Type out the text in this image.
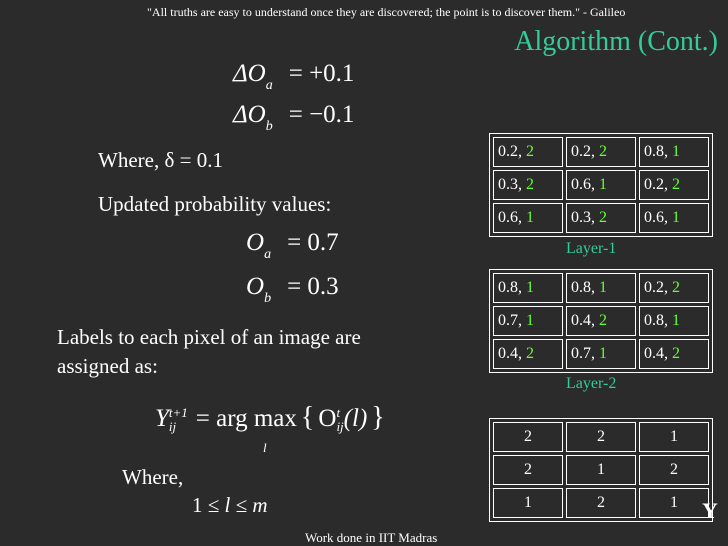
"All truths are easy to understand once they are discovered; the point is to discover them." - Galileo
Algorithm (Cont.)
$\Delta O_a = +0.1$
$\Delta O_b = -0.1$
Where, δ = 0.1
Updated probability values:
$O_a = 0.7$
$O_b = 0.3$
Labels to each pixel of an image are
assigned as:
Y t+1
ij = arg max { O t
ij (l) }
l
Where,
1 ≤ l ≤ m
0.2, 2	0.2, 2	0.8, 1
0.3, 2	0.6, 1	0.2, 2
0.6, 1	0.3, 2	0.6, 1
Layer-1
0.8, 1	0.8, 1	0.2, 2
0.7, 1	0.4, 2	0.8, 1
0.4, 2	0.7, 1	0.4, 2
Layer-2
2	2	1
2	1	2
1	2	1 Y
Work done in IIT Madras
